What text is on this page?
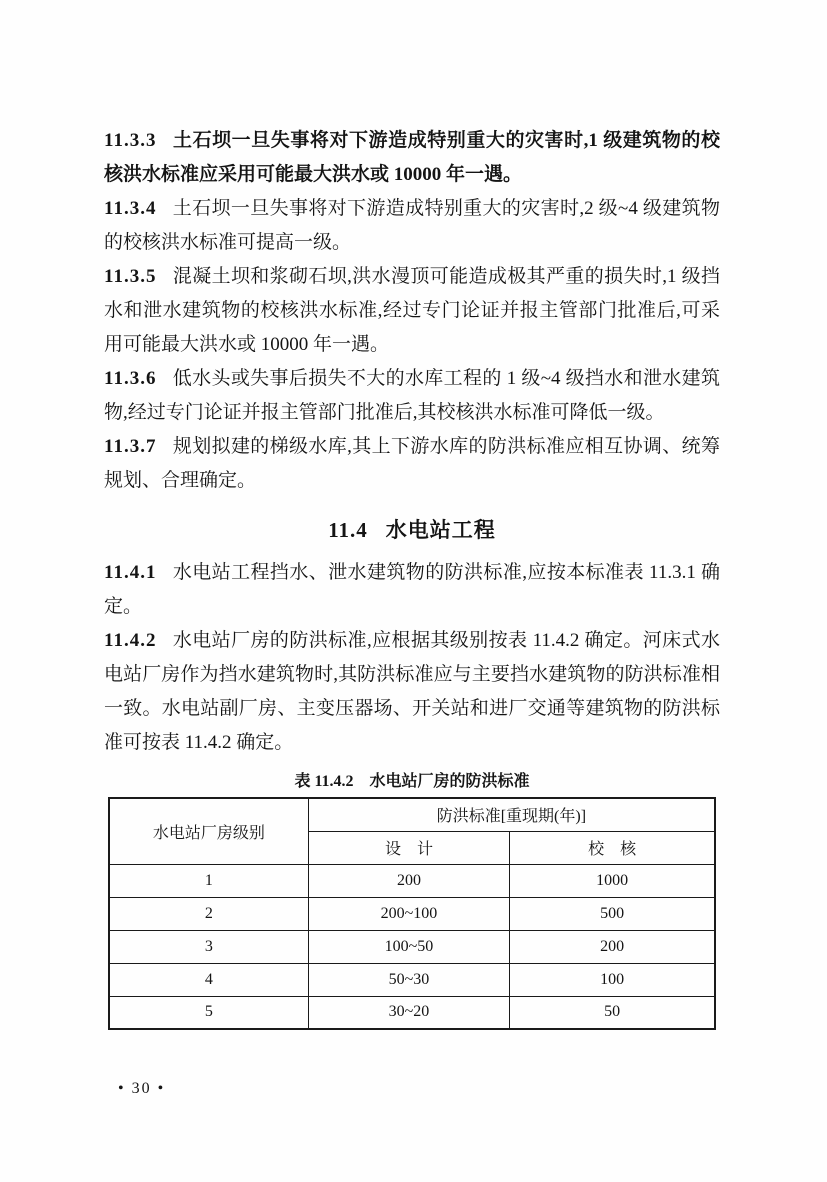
11.3.3 土石坝一旦失事将对下游造成特别重大的灾害时,1 级建筑物的校核洪水标准应采用可能最大洪水或 10000 年一遇。

11.3.4 土石坝一旦失事将对下游造成特别重大的灾害时,2 级~4 级建筑物的校核洪水标准可提高一级。

11.3.5 混凝土坝和浆砌石坝,洪水漫顶可能造成极其严重的损失时,1 级挡水和泄水建筑物的校核洪水标准,经过专门论证并报主管部门批准后,可采用可能最大洪水或 10000 年一遇。

11.3.6 低水头或失事后损失不大的水库工程的 1 级~4 级挡水和泄水建筑物,经过专门论证并报主管部门批准后,其校核洪水标准可降低一级。

11.3.7 规划拟建的梯级水库,其上下游水库的防洪标准应相互协调、统筹规划、合理确定。

11.4 水电站工程

11.4.1 水电站工程挡水、泄水建筑物的防洪标准,应按本标准表 11.3.1 确定。

11.4.2 水电站厂房的防洪标准,应根据其级别按表 11.4.2 确定。河床式水电站厂房作为挡水建筑物时,其防洪标准应与主要挡水建筑物的防洪标准相一致。水电站副厂房、主变压器场、开关站和进厂交通等建筑物的防洪标准可按表 11.4.2 确定。

表 11.4.2　水电站厂房的防洪标准
水电站厂房级别	防洪标准[重现期(年)]	
	设　计	校　核
1	200	1000
2	200~100	500
3	100~50	200
4	50~30	100
5	30~20	50
• 30 •
